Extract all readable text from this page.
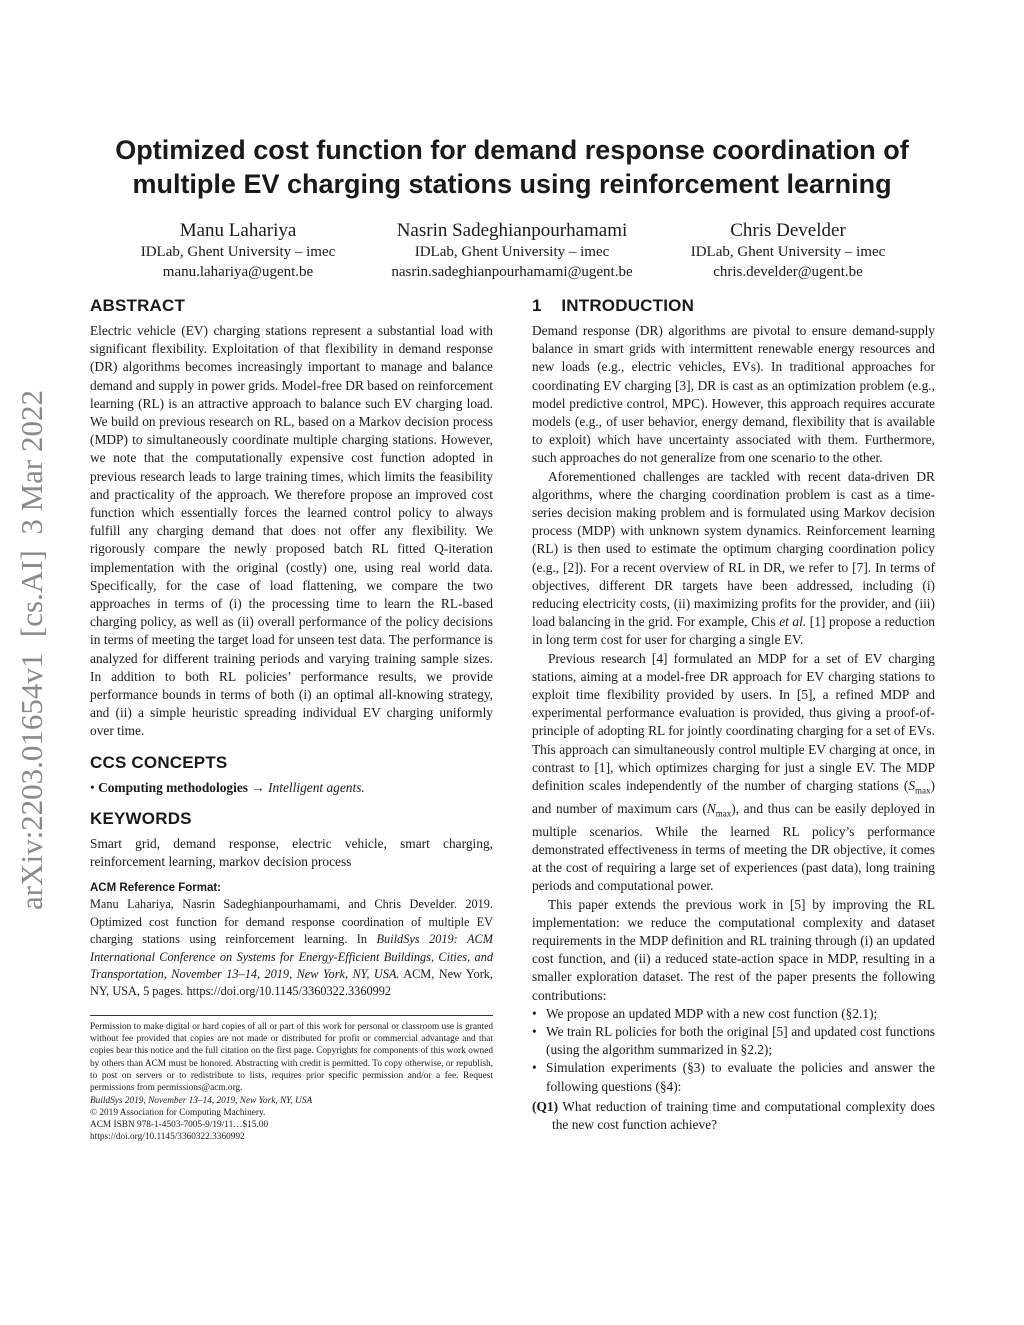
arXiv:2203.01654v1  [cs.AI]  3 Mar 2022
Optimized cost function for demand response coordination of
multiple EV charging stations using reinforcement learning
Manu Lahariya
IDLab, Ghent University – imec
manu.lahariya@ugent.be
Nasrin Sadeghianpourhamami
IDLab, Ghent University – imec
nasrin.sadeghianpourhamami@ugent.be
Chris Develder
IDLab, Ghent University – imec
chris.develder@ugent.be
ABSTRACT

Electric vehicle (EV) charging stations represent a substantial load with significant flexibility. Exploitation of that flexibility in demand response (DR) algorithms becomes increasingly important to manage and balance demand and supply in power grids. Model-free DR based on reinforcement learning (RL) is an attractive approach to balance such EV charging load. We build on previous research on RL, based on a Markov decision process (MDP) to simultaneously coordinate multiple charging stations. However, we note that the computationally expensive cost function adopted in previous research leads to large training times, which limits the feasibility and practicality of the approach. We therefore propose an improved cost function which essentially forces the learned control policy to always fulfill any charging demand that does not offer any flexibility. We rigorously compare the newly proposed batch RL fitted Q-iteration implementation with the original (costly) one, using real world data. Specifically, for the case of load flattening, we compare the two approaches in terms of (i) the processing time to learn the RL-based charging policy, as well as (ii) overall performance of the policy decisions in terms of meeting the target load for unseen test data. The performance is analyzed for different training periods and varying training sample sizes. In addition to both RL policies’ performance results, we provide performance bounds in terms of both (i) an optimal all-knowing strategy, and (ii) a simple heuristic spreading individual EV charging uniformly over time.

CCS CONCEPTS
• Computing methodologies → Intelligent agents.
KEYWORDS

Smart grid, demand response, electric vehicle, smart charging, reinforcement learning, markov decision process

ACM Reference Format:
Manu Lahariya, Nasrin Sadeghianpourhamami, and Chris Develder. 2019. Optimized cost function for demand response coordination of multiple EV charging stations using reinforcement learning. In BuildSys 2019: ACM International Conference on Systems for Energy-Efficient Buildings, Cities, and Transportation, November 13–14, 2019, New York, NY, USA. ACM, New York, NY, USA, 5 pages. https://doi.org/10.1145/3360322.3360992
Permission to make digital or hard copies of all or part of this work for personal or classroom use is granted without fee provided that copies are not made or distributed for profit or commercial advantage and that copies bear this notice and the full citation on the first page. Copyrights for components of this work owned by others than ACM must be honored. Abstracting with credit is permitted. To copy otherwise, or republish, to post on servers or to redistribute to lists, requires prior specific permission and/or a fee. Request permissions from permissions@acm.org.
BuildSys 2019, November 13–14, 2019, New York, NY, USA
© 2019 Association for Computing Machinery.
ACM ISBN 978-1-4503-7005-9/19/11…$15.00
https://doi.org/10.1145/3360322.3360992
1    INTRODUCTION

Demand response (DR) algorithms are pivotal to ensure demand-supply balance in smart grids with intermittent renewable energy resources and new loads (e.g., electric vehicles, EVs). In traditional approaches for coordinating EV charging [3], DR is cast as an optimization problem (e.g., model predictive control, MPC). However, this approach requires accurate models (e.g., of user behavior, energy demand, flexibility that is available to exploit) which have uncertainty associated with them. Furthermore, such approaches do not generalize from one scenario to the other.

Aforementioned challenges are tackled with recent data-driven DR algorithms, where the charging coordination problem is cast as a time-series decision making problem and is formulated using Markov decision process (MDP) with unknown system dynamics. Reinforcement learning (RL) is then used to estimate the optimum charging coordination policy (e.g., [2]). For a recent overview of RL in DR, we refer to [7]. In terms of objectives, different DR targets have been addressed, including (i) reducing electricity costs, (ii) maximizing profits for the provider, and (iii) load balancing in the grid. For example, Chis et al. [1] propose a reduction in long term cost for user for charging a single EV.

Previous research [4] formulated an MDP for a set of EV charging stations, aiming at a model-free DR approach for EV charging stations to exploit time flexibility provided by users. In [5], a refined MDP and experimental performance evaluation is provided, thus giving a proof-of-principle of adopting RL for jointly coordinating charging for a set of EVs. This approach can simultaneously control multiple EV charging at once, in contrast to [1], which optimizes charging for just a single EV. The MDP definition scales independently of the number of charging stations $(S_{max})$ and number of maximum cars $(N_{max})$, and thus can be easily deployed in multiple scenarios. While the learned RL policy’s performance demonstrated effectiveness in terms of meeting the DR objective, it comes at the cost of requiring a large set of experiences (past data), long training periods and computational power.

This paper extends the previous work in [5] by improving the RL implementation: we reduce the computational complexity and dataset requirements in the MDP definition and RL training through (i) an updated cost function, and (ii) a reduced state-action space in MDP, resulting in a smaller exploration dataset. The rest of the paper presents the following contributions:

• We propose an updated MDP with a new cost function (§2.1);
• We train RL policies for both the original [5] and updated cost functions (using the algorithm summarized in §2.2);
• Simulation experiments (§3) to evaluate the policies and answer the following questions (§4):
(Q1) What reduction of training time and computational complexity does the new cost function achieve?
